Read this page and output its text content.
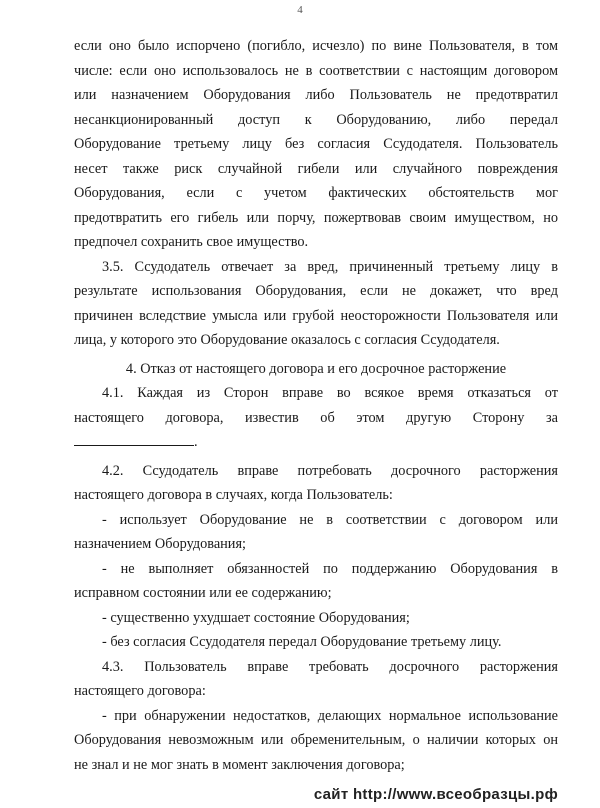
4

если оно было испорчено (погибло, исчезло) по вине Пользователя, в том

числе: если оно использовалось не в соответствии с настоящим договором

или назначением Оборудования либо Пользователь не предотвратил

несанкционированный доступ к Оборудованию, либо передал

Оборудование третьему лицу без согласия Ссудодателя. Пользователь

несет также риск случайной гибели или случайного повреждения

Оборудования, если с учетом фактических обстоятельств мог

предотвратить его гибель или порчу, пожертвовав своим имуществом, но

предпочел сохранить свое имущество.

3.5. Ссудодатель отвечает за вред, причиненный третьему лицу в

результате использования Оборудования, если не докажет, что вред

причинен вследствие умысла или грубой неосторожности Пользователя или

лица, у которого это Оборудование оказалось с согласия Ссудодателя.

4. Отказ от настоящего договора и его досрочное расторжение

4.1. Каждая из Сторон вправе во всякое время отказаться от

настоящего договора, известив об этом другую Сторону за

.

4.2. Ссудодатель вправе потребовать досрочного расторжения

настоящего договора в случаях, когда Пользователь:

- использует Оборудование не в соответствии с договором или

назначением Оборудования;

- не выполняет обязанностей по поддержанию Оборудования в

исправном состоянии или ее содержанию;

- существенно ухудшает состояние Оборудования;

- без согласия Ссудодателя передал Оборудование третьему лицу.

4.3. Пользователь вправе требовать досрочного расторжения

настоящего договора:

- при обнаружении недостатков, делающих нормальное использование

Оборудования невозможным или обременительным, о наличии которых он

не знал и не мог знать в момент заключения договора;

сайт http://www.всеобразцы.рф
